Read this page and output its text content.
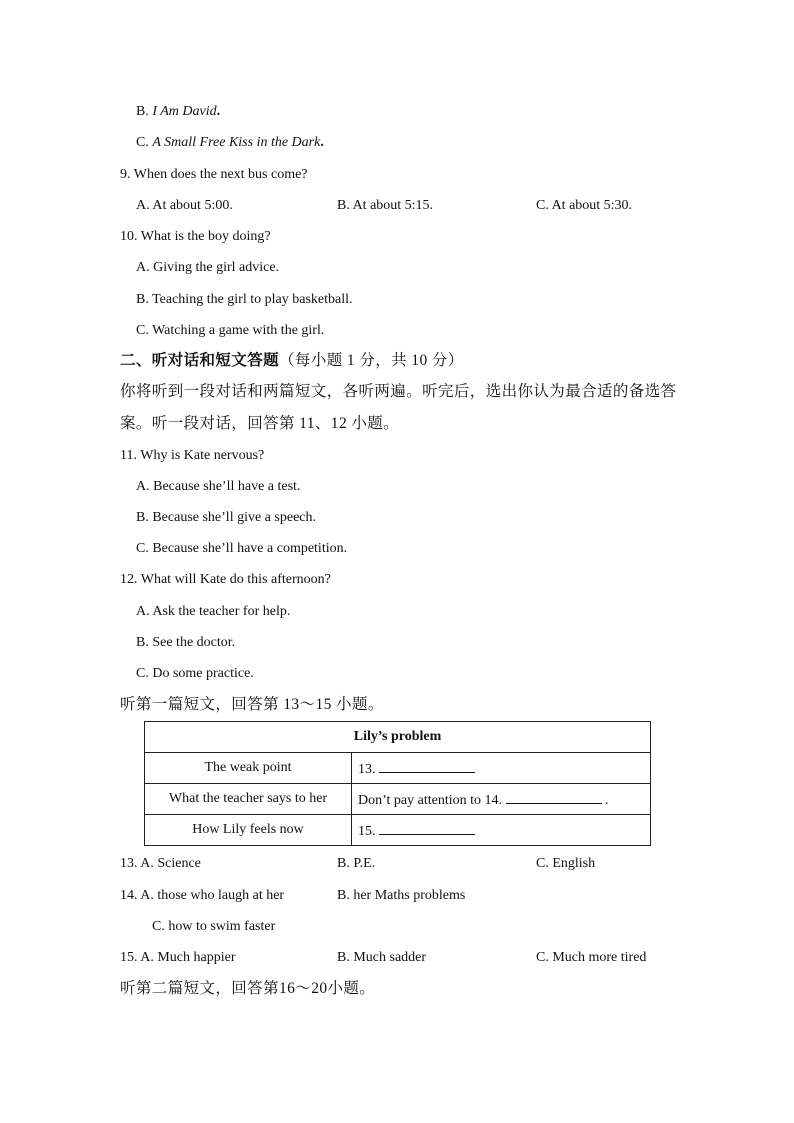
B. I Am David.
C. A Small Free Kiss in the Dark.
9. When does the next bus come?
A. At about 5:00.	B. At about 5:15.	C. At about 5:30.
10. What is the boy doing?
A. Giving the girl advice.
B. Teaching the girl to play basketball.
C. Watching a game with the girl.
二、听对话和短文答题（每小题 1 分，共 10 分）
你将听到一段对话和两篇短文，各听两遍。听完后，选出你认为最合适的备选答
案。听一段对话，回答第 11、12 小题。
11. Why is Kate nervous?
A. Because she’ll have a test.
B. Because she’ll give a speech.
C. Because she’ll have a competition.
12. What will Kate do this afternoon?
A. Ask the teacher for help.
B. See the doctor.
C. Do some practice.
听第一篇短文，回答第 13～15 小题。
Lily’s problem	
The weak point	13.
What the teacher says to her	Don’t pay attention to 14. .
How Lily feels now	15.
13. A. Science	B. P.E.	C. English
14. A. those who laugh at her	B. her Maths problems
C. how to swim faster
15. A. Much happier	B. Much sadder	C. Much more tired
听第二篇短文，回答第16～20小题。
